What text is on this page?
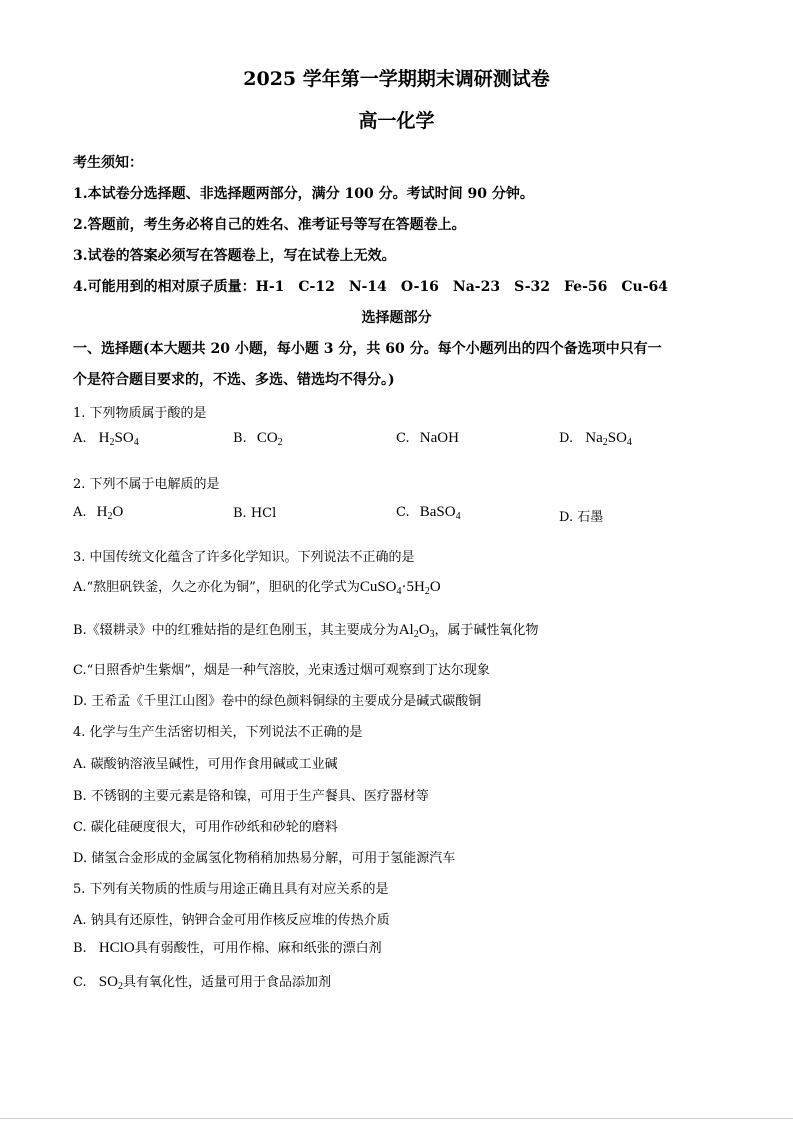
2025 学年第一学期期末调研测试卷
高一化学
考生须知：
1.本试卷分选择题、非选择题两部分，满分 100 分。考试时间 90 分钟。
2.答题前，考生务必将自己的姓名、准考证号等写在答题卷上。
3.试卷的答案必须写在答题卷上，写在试卷上无效。
4.可能用到的相对原子质量：H-1　C-12　N-14　O-16　Na-23　S-32　Fe-56　Cu-64
选择题部分
一、选择题(本大题共 20 小题，每小题 3 分，共 60 分。每个小题列出的四个备选项中只有一
个是符合题目要求的，不选、多选、错选均不得分。)
1. 下列物质属于酸的是
A. $H_2SO_4$	B. $CO_2$	C. NaOH	D. $Na_2SO_4$
2. 下列不属于电解质的是
A. $H_2O$	B. HCl	C. BaSO$_4$	D. 石墨
3. 中国传统文化蕴含了许多化学知识。下列说法不正确的是
A.“熬胆矾铁釜，久之亦化为铜”，胆矾的化学式为$CuSO_4\cdot 5H_2O$
B.《辍耕录》中的红雅姑指的是红色刚玉，其主要成分为$Al_2O_3$，属于碱性氧化物
C.“日照香炉生紫烟”，烟是一种气溶胶，光束透过烟可观察到丁达尔现象
D. 王希孟《千里江山图》卷中的绿色颜料铜绿的主要成分是碱式碳酸铜
4. 化学与生产生活密切相关，下列说法不正确的是
A. 碳酸钠溶液呈碱性，可用作食用碱或工业碱
B. 不锈钢的主要元素是铬和镍，可用于生产餐具、医疗器材等
C. 碳化硅硬度很大，可用作砂纸和砂轮的磨料
D. 储氢合金形成的金属氢化物稍稍加热易分解，可用于氢能源汽车
5. 下列有关物质的性质与用途正确且具有对应关系的是
A. 钠具有还原性，钠钾合金可用作核反应堆的传热介质
B. HClO具有弱酸性，可用作棉、麻和纸张的漂白剂
C. $SO_2$具有氧化性，适量可用于食品添加剂
